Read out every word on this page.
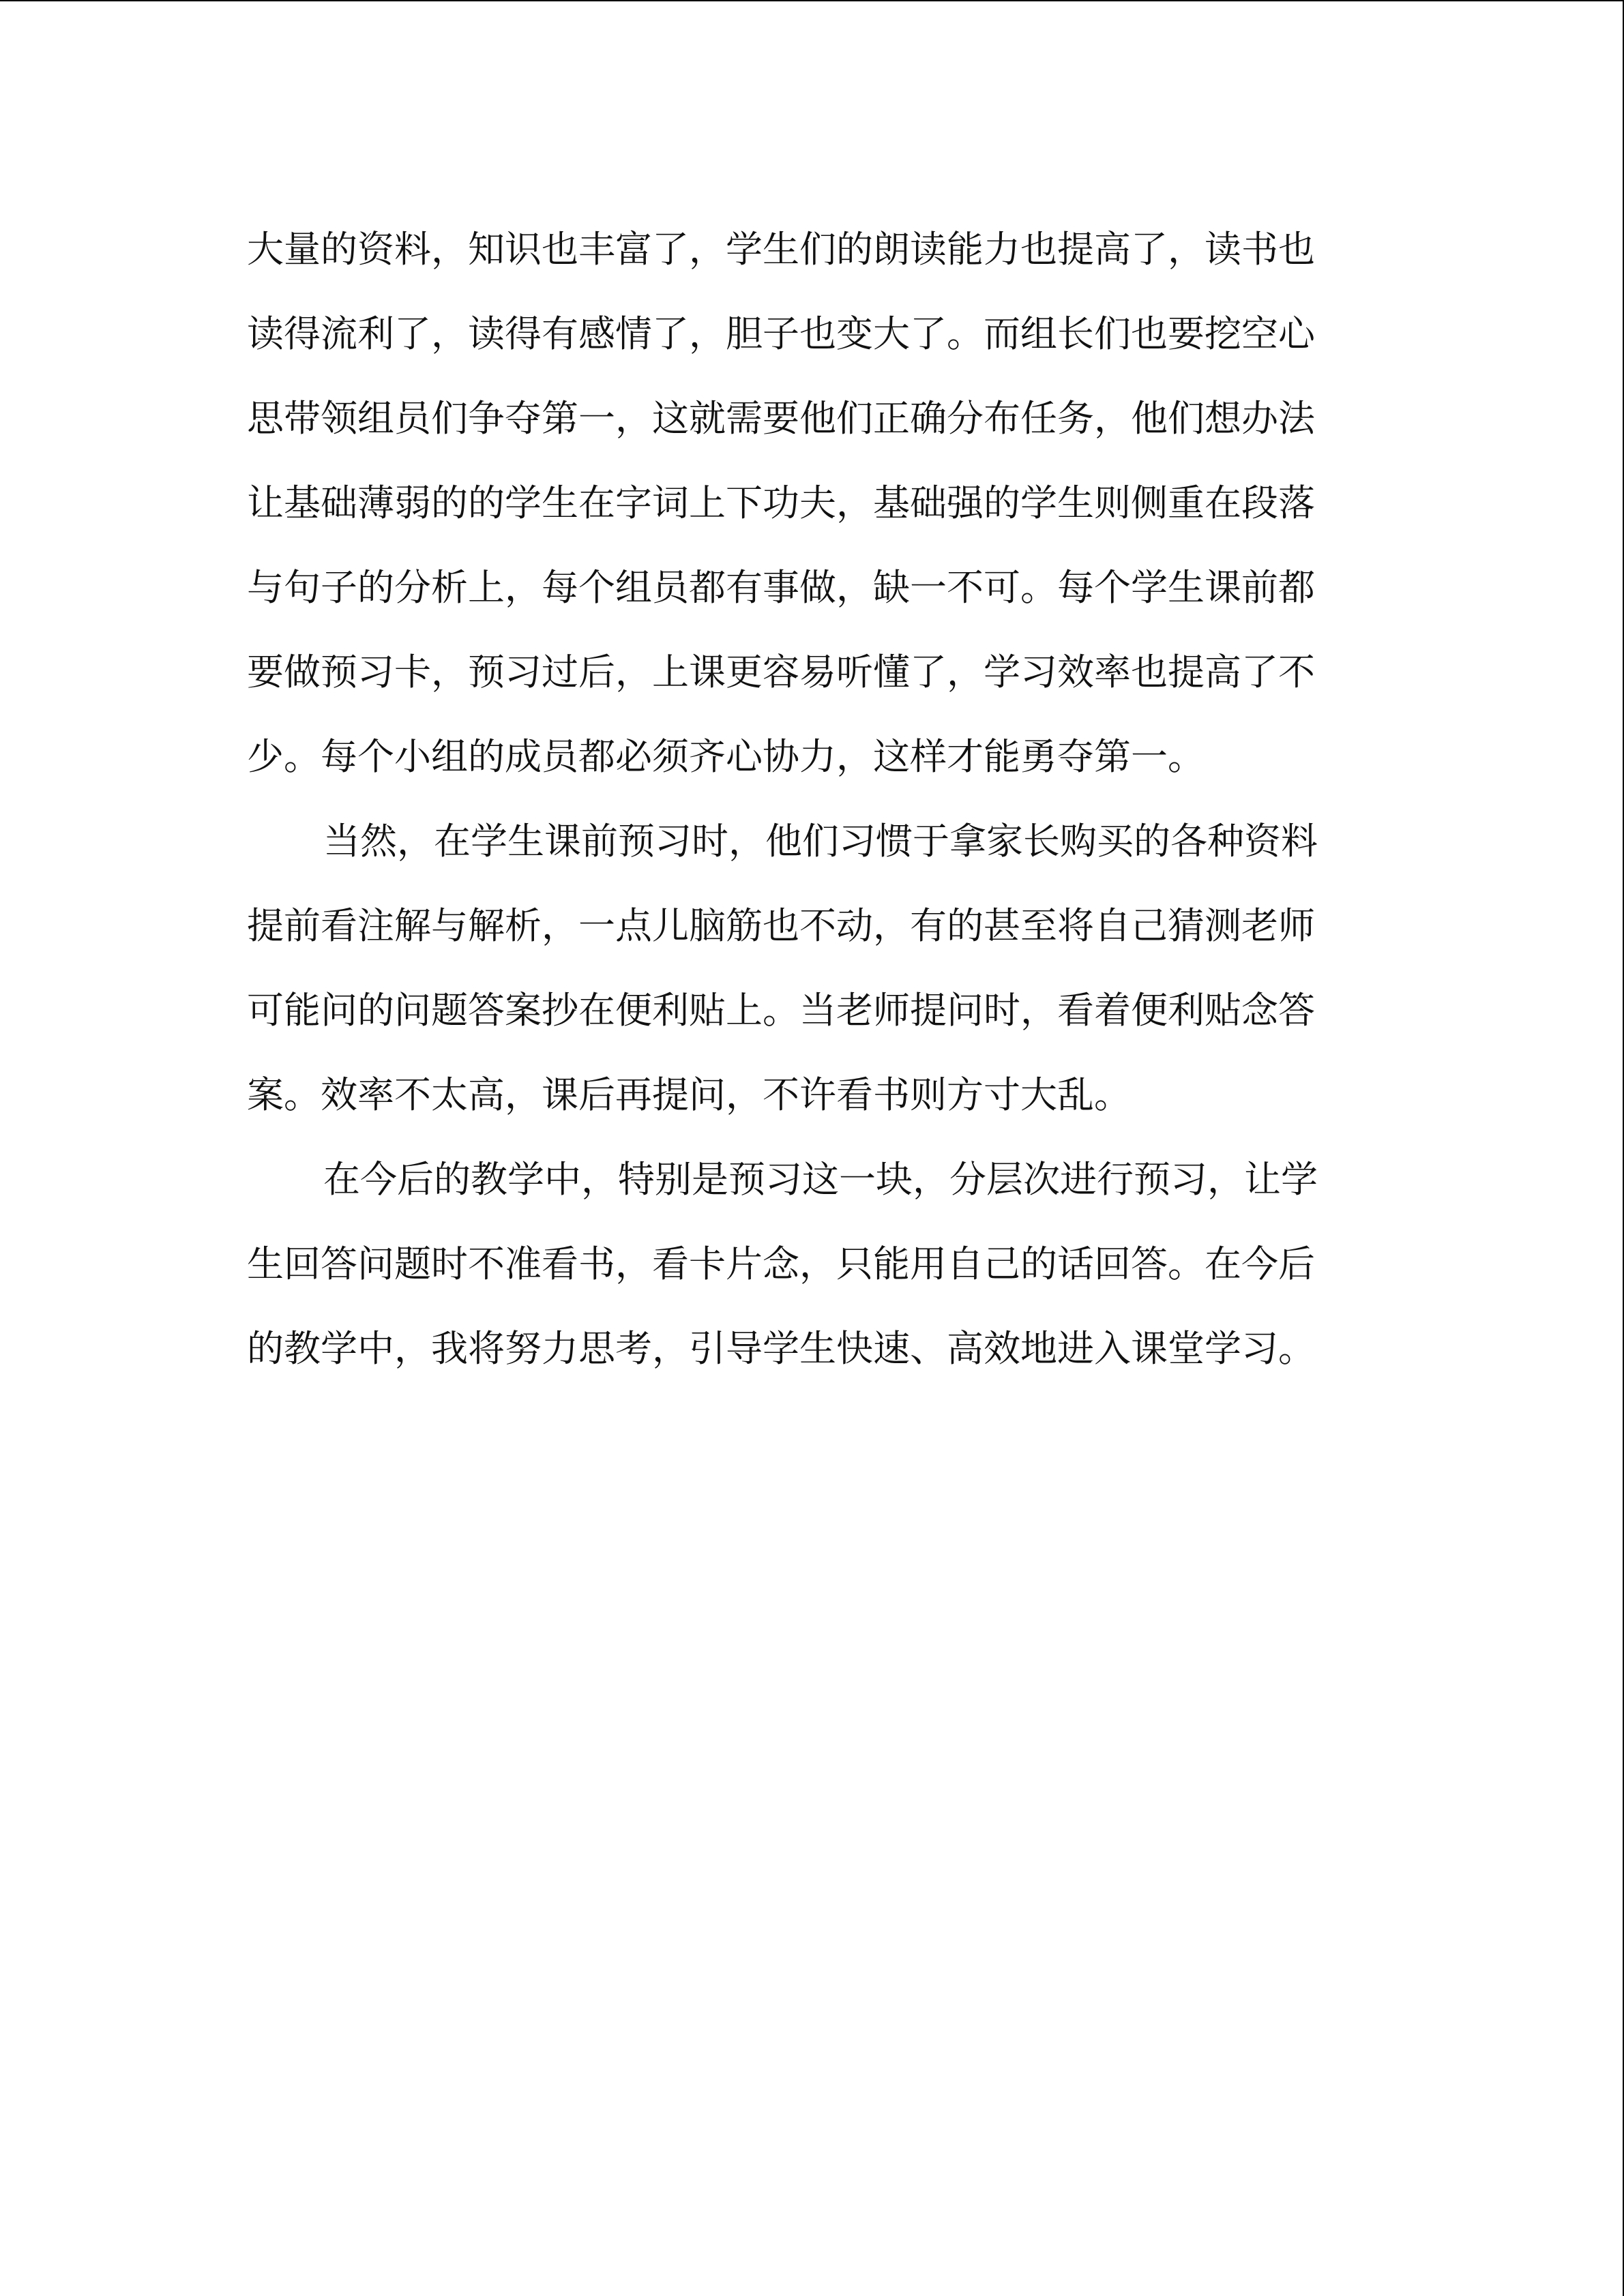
大量的资料，知识也丰富了，学生们的朗读能力也提高了，读书也
读得流利了，读得有感情了，胆子也变大了。而组长们也要挖空心
思带领组员们争夺第一，这就需要他们正确分布任务，他们想办法
让基础薄弱的的学生在字词上下功夫，基础强的学生则侧重在段落
与句子的分析上，每个组员都有事做，缺一不可。每个学生课前都
要做预习卡，预习过后，上课更容易听懂了，学习效率也提高了不
少。每个小组的成员都必须齐心协力，这样才能勇夺第一。
当然，在学生课前预习时，他们习惯于拿家长购买的各种资料
提前看注解与解析，一点儿脑筋也不动，有的甚至将自己猜测老师
可能问的问题答案抄在便利贴上。当老师提问时，看着便利贴念答
案。效率不太高，课后再提问，不许看书则方寸大乱。
在今后的教学中，特别是预习这一块，分层次进行预习，让学
生回答问题时不准看书，看卡片念，只能用自己的话回答。在今后
的教学中，我将努力思考，引导学生快速、高效地进入课堂学习。
